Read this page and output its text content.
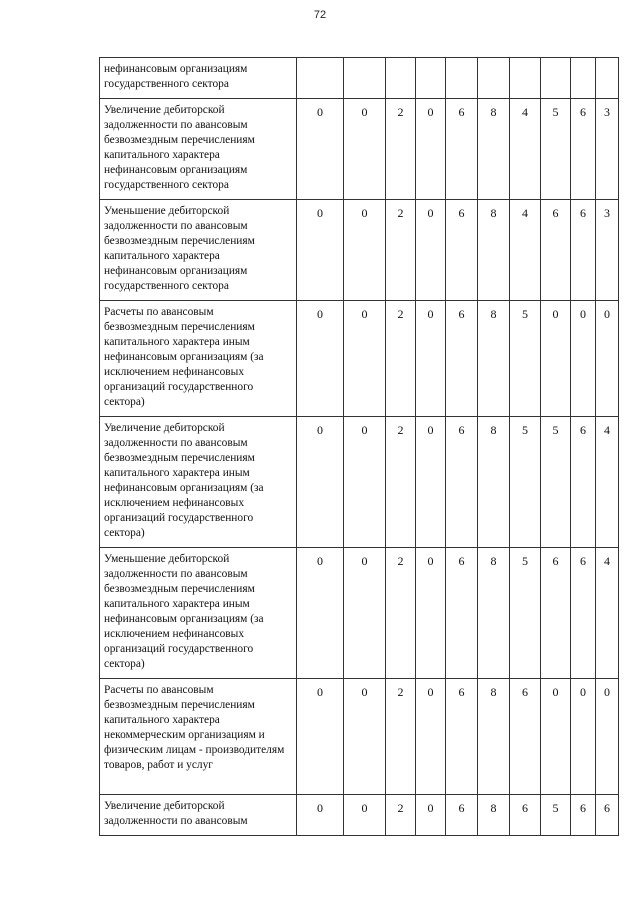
72
нефинансовым организациям государственного сектора										
Увеличение дебиторской задолженности по авансовым безвозмездным перечислениям капитального характера нефинансовым организациям государственного сектора	0	0	2	0	6	8	4	5	6	3
Уменьшение дебиторской задолженности по авансовым безвозмездным перечислениям капитального характера нефинансовым организациям государственного сектора	0	0	2	0	6	8	4	6	6	3
Расчеты по авансовым безвозмездным перечислениям капитального характера иным нефинансовым организациям (за исключением нефинансовых организаций государственного сектора)	0	0	2	0	6	8	5	0	0	0
Увеличение дебиторской задолженности по авансовым безвозмездным перечислениям капитального характера иным нефинансовым организациям (за исключением нефинансовых организаций государственного сектора)	0	0	2	0	6	8	5	5	6	4
Уменьшение дебиторской задолженности по авансовым безвозмездным перечислениям капитального характера иным нефинансовым организациям (за исключением нефинансовых организаций государственного сектора)	0	0	2	0	6	8	5	6	6	4
Расчеты по авансовым безвозмездным перечислениям капитального характера некоммерческим организациям и физическим лицам - производителям товаров, работ и услуг	0	0	2	0	6	8	6	0	0	0
Увеличение дебиторской задолженности по авансовым	0	0	2	0	6	8	6	5	6	6
